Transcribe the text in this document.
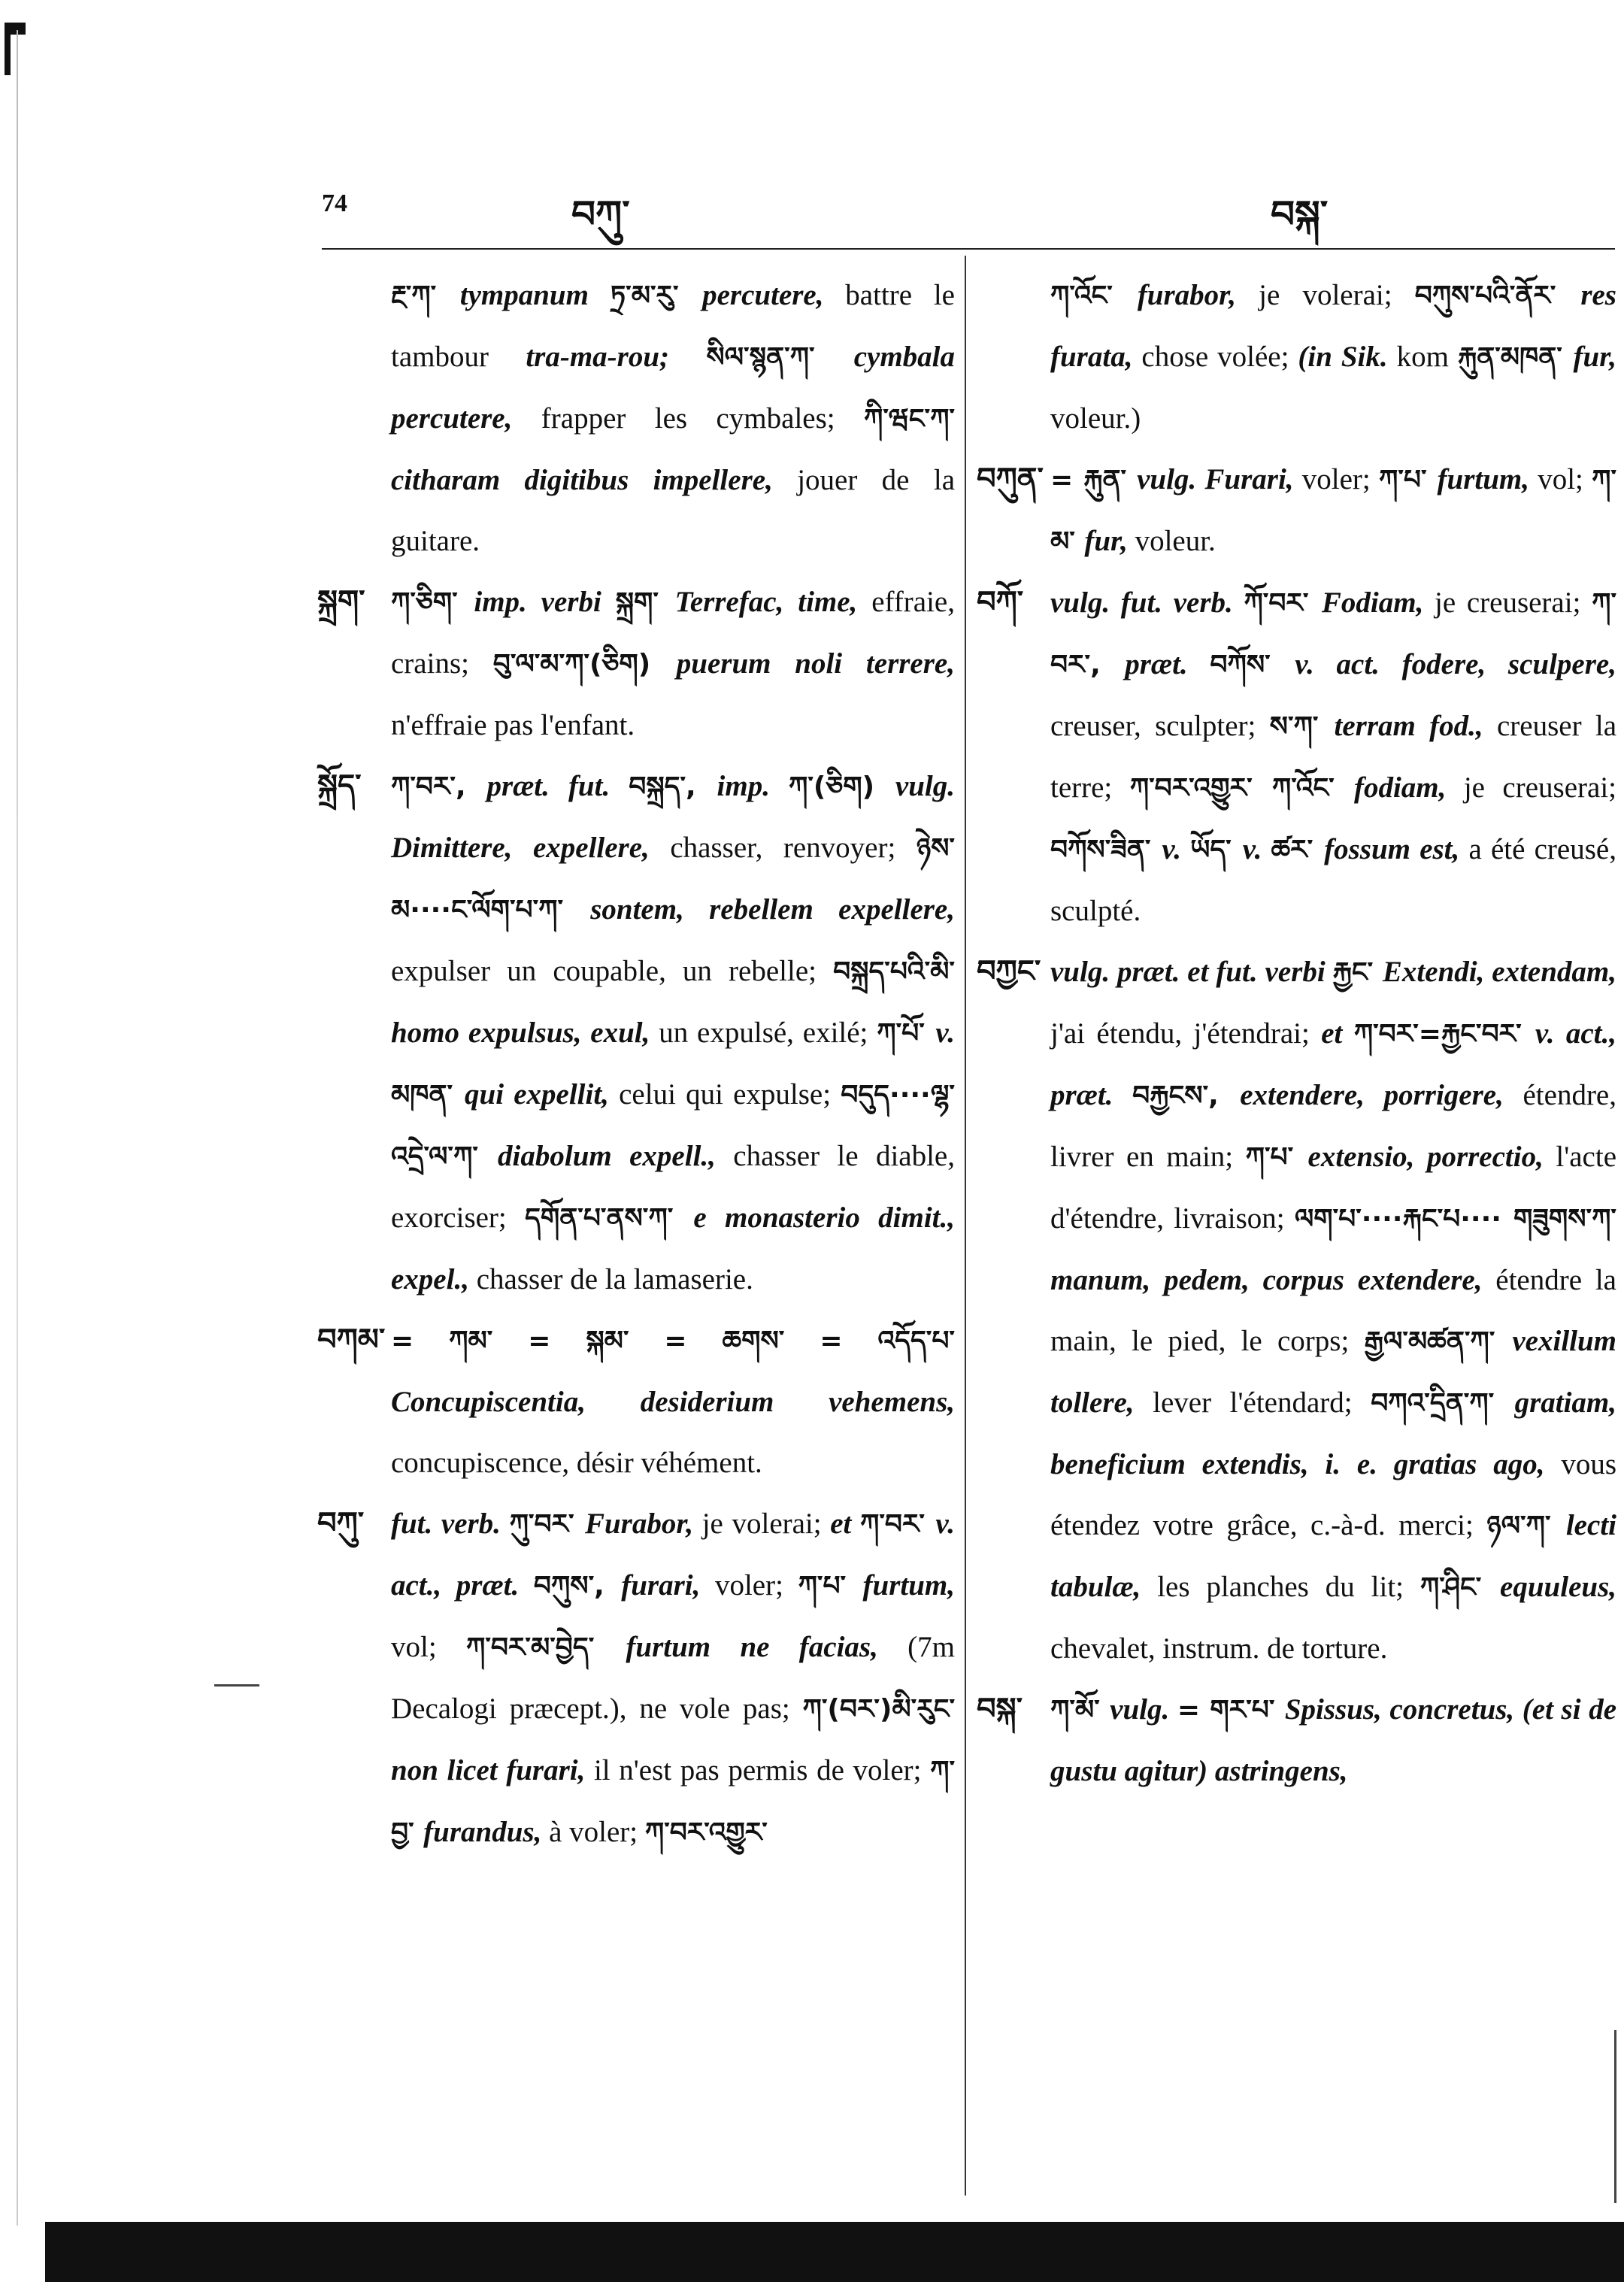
74	བཀུ་	བསྐ་

རྔ་ཀ་ tympanum ཏྲ་མ་རུ་ percutere, battre le tambour tra-ma-rou; སིལ་སྙན་ཀ་ cymbala percutere, frapper les cymbales; ཀི་ཝང་ཀ་ citharam digitibus impellere, jouer de la guitare.

སྐྲག་ ཀ་ཅིག་ imp. verbi སྐྲག་ Terrefac, time, effraie, crains; བུ་ལ་མ་ཀ་(ཅིག) puerum noli terrere, n'effraie pas l'enfant.

སྐྲོད་ ཀ་བར་, præt. fut. བསྐྲད་, imp. ཀ་(ཅིག) vulg. Dimittere, expellere, chasser, renvoyer; ཉེས་མ····ང་ལོག་པ་ཀ་ sontem, rebellem expellere, expulser un coupable, un rebelle; བསྐྲད་པའི་མི་ homo expulsus, exul, un expulsé, exilé; ཀ་པོ་ v. མཁན་ qui expellit, celui qui expulse; བདུད····ལྷ་འདྲེ་ལ་ཀ་ diabolum expell., chasser le diable, exorciser; དགོན་པ་ནས་ཀ་ e monasterio dimit., expel., chasser de la lamaserie.

བཀམ་ = ཀམ་ = སྐམ་ = ཆགས་ = འདོད་པ་ Concupiscentia, desiderium vehemens, concupiscence, désir véhément.

བཀུ་ fut. verb. ཀུ་བར་ Furabor, je volerai; et ཀ་བར་ v. act., præt. བཀུས་, furari, voler; ཀ་པ་ furtum, vol; ཀ་བར་མ་བྱེད་ furtum ne facias, (7m Decalogi præcept.), ne vole pas; ཀ་(བར་)མི་རུང་ non licet furari, il n'est pas permis de voler; ཀ་བྱ་ furandus, à voler; ཀ་བར་འགྱུར་

ཀ་འོང་ furabor, je volerai; བཀུས་པའི་ནོར་ res furata, chose volée; (in Sik. kom རྐུན་མཁན་ fur, voleur.)

བཀུན་ = རྐུན་ vulg. Furari, voler; ཀ་པ་ furtum, vol; ཀ་མ་ fur, voleur.

བཀོ་ vulg. fut. verb. ཀོ་བར་ Fodiam, je creuserai; ཀ་བར་, præt. བཀོས་ v. act. fodere, sculpere, creuser, sculpter; ས་ཀ་ terram fod., creuser la terre; ཀ་བར་འགྱུར་ ཀ་འོང་ fodiam, je creuserai; བཀོས་ཟིན་ v. ཡོད་ v. ཚར་ fossum est, a été creusé, sculpté.

བཀྱང་ vulg. præt. et fut. verbi རྐྱང་ Extendi, extendam, j'ai étendu, j'étendrai; et ཀ་བར་=རྐྱང་བར་ v. act., præt. བརྐྱངས་, extendere, porrigere, étendre, livrer en main; ཀ་པ་ extensio, porrectio, l'acte d'étendre, livraison; ལག་པ་····རྐང་པ···· གཟུགས་ཀ་ manum, pedem, corpus extendere, étendre la main, le pied, le corps; རྒྱལ་མཚན་ཀ་ vexillum tollere, lever l'étendard; བཀའ་དྲིན་ཀ་ gratiam, beneficium extendis, i. e. gratias ago, vous étendez votre grâce, c.-à-d. merci; ཉལ་ཀ་ lecti tabulæ, les planches du lit; ཀ་ཤིང་ equuleus, chevalet, instrum. de torture.

བསྐ་ ཀ་མོ་ vulg. = གར་པ་ Spissus, concretus, (et si de gustu agitur) astringens,
